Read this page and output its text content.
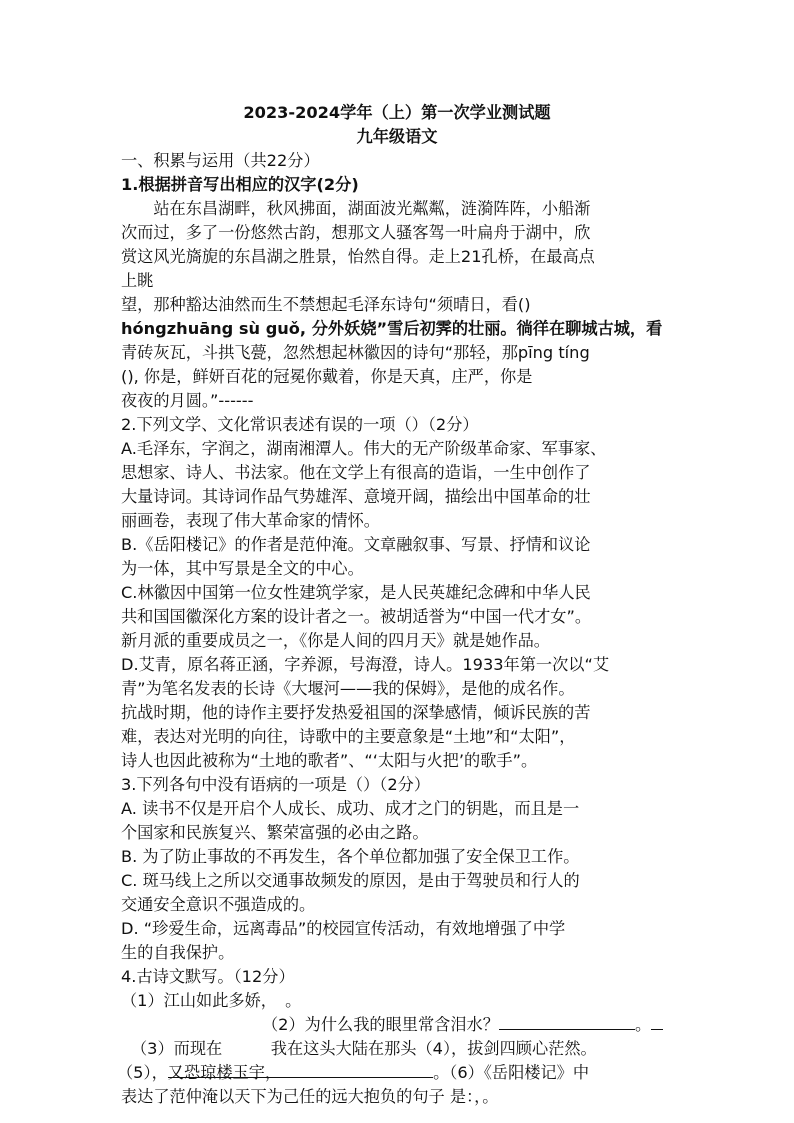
2023-2024学年（上）第一次学业测试题
九年级语文
一、积累与运用（共22分）
1.根据拼音写出相应的汉字(2分)
　　站在东昌湖畔，秋风拂面，湖面波光粼粼，涟漪阵阵，小船渐
次而过，多了一份悠然古韵，想那文人骚客驾一叶扁舟于湖中，欣
赏这风光旖旎的东昌湖之胜景，怡然自得。走上21孔桥，在最高点
上眺
望，那种豁达油然而生不禁想起毛泽东诗句“须晴日，看()
hóngzhuāng sù guǒ, 分外妖娆”雪后初霁的壮丽。徜徉在聊城古城，看
青砖灰瓦，斗拱飞甍，忽然想起林徽因的诗句“那轻，那pīng tíng
(), 你是，鲜妍百花的冠冕你戴着，你是天真，庄严，你是
夜夜的月圆。”------
2.下列文学、文化常识表述有误的一项（）（2分）
A.毛泽东，字润之，湖南湘潭人。伟大的无产阶级革命家、军事家、
思想家、诗人、书法家。他在文学上有很高的造诣，一生中创作了
大量诗词。其诗词作品气势雄浑、意境开阔，描绘出中国革命的壮
丽画卷，表现了伟大革命家的情怀。
B.《岳阳楼记》的作者是范仲淹。文章融叙事、写景、抒情和议论
为一体，其中写景是全文的中心。
C.林徽因中国第一位女性建筑学家，是人民英雄纪念碑和中华人民
共和国国徽深化方案的设计者之一。被胡适誉为“中国一代才女”。
新月派的重要成员之一，《你是人间的四月天》就是她作品。
D.艾青，原名蒋正涵，字养源，号海澄，诗人。1933年第一次以“艾
青”为笔名发表的长诗《大堰河——我的保姆》，是他的成名作。
抗战时期，他的诗作主要抒发热爱祖国的深挚感情，倾诉民族的苦
难，表达对光明的向往，诗歌中的主要意象是“土地”和“太阳”，
诗人也因此被称为“土地的歌者”、“‘太阳与火把’的歌手”。
3.下列各句中没有语病的一项是（）（2分）
A. 读书不仅是开启个人成长、成功、成才之门的钥匙，而且是一
个国家和民族复兴、繁荣富强的必由之路。
B. 为了防止事故的不再发生，各个单位都加强了安全保卫工作。
C. 斑马线上之所以交通事故频发的原因，是由于驾驶员和行人的
交通安全意识不强造成的。
D. “珍爱生命，远离毒品”的校园宣传活动，有效地增强了中学
生的自我保护。
4.古诗文默写。（12分）
（1）江山如此多娇，　。
（2）为什么我的眼里常含泪水？	。
（3）而现在　　　我在这头大陆在那头（4），拔剑四顾心茫然。
（5），又恐琼楼玉宇，	。（6）《岳阳楼记》中
表达了范仲淹以天下为己任的远大抱负的句子 是：，。
